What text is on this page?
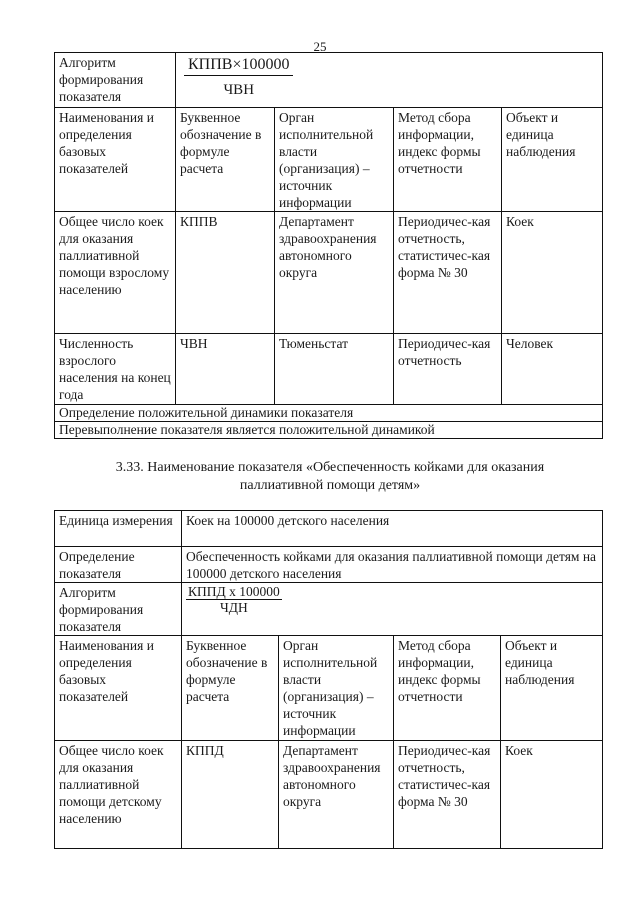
25
Алгоритм формирования показателя	$\frac{\text{КППВ×100000}}{\text{ЧВН}}$

Наименования и определения базовых показателей	Буквенное обозначение в формуле расчета	Орган исполнительной власти (организация) – источник информации	Метод сбора информации, индекс формы отчетности	Объект и единица наблюдения
Общее число коек для оказания паллиативной помощи взрослому населению	КППВ	Департамент здравоохранения автономного округа	Периодичес-кая отчетность, статистичес-кая форма № 30	Коек
Численность взрослого населения на конец года	ЧВН	Тюменьстат	Периодичес-кая отчетность	Человек
Определение положительной динамики показателя				
Перевыполнение показателя является положительной динамикой				
3.33. Наименование показателя «Обеспеченность койками для оказания паллиативной помощи детям»
Единица измерения	Коек на 100000 детского населения			
Определение показателя	Обеспеченность койками для оказания паллиативной помощи детям на 100000 детского населения			
Алгоритм формирования показателя	$\frac{\text{КППД х 100000}}{\text{ЧДН}}$

Наименования и определения базовых показателей	Буквенное обозначение в формуле расчета	Орган исполнительной власти (организация) – источник информации	Метод сбора информации, индекс формы отчетности	Объект и единица наблюдения
Общее число коек для оказания паллиативной помощи детскому населению	КППД	Департамент здравоохранения автономного округа	Периодичес-кая отчетность, статистичес-кая форма № 30	Коек
